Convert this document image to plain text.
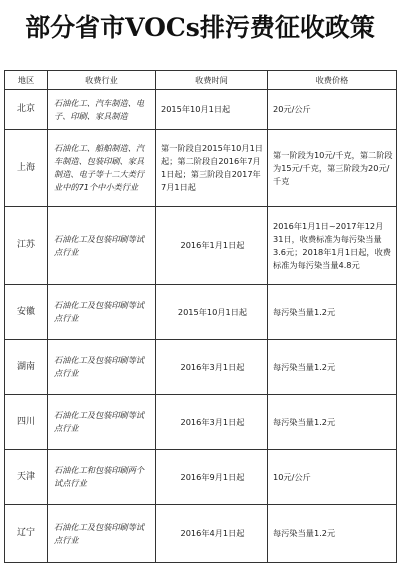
部分省市VOCs排污费征收政策
地区	收费行业	收费时间	收费价格
北京	石油化工、汽车制造、电子、印刷、家具制造	2015年10月1日起	20元/公斤
上海	石油化工、船舶制造、汽车制造、包装印刷、家具制造、电子等十二大类行业中的71个中小类行业	第一阶段自2015年10月1日起；第二阶段自2016年7月1日起；第三阶段自2017年7月1日起	第一阶段为10元/千克，第二阶段为15元/千克，第三阶段为20元/千克
江苏	石油化工及包装印刷等试点行业	2016年1月1日起	2016年1月1日~2017年12月31日，收费标准为每污染当量3.6元；2018年1月1日起，收费标准为每污染当量4.8元
安徽	石油化工及包装印刷等试点行业	2015年10月1日起	每污染当量1.2元
湖南	石油化工及包装印刷等试点行业	2016年3月1日起	每污染当量1.2元
四川	石油化工及包装印刷等试点行业	2016年3月1日起	每污染当量1.2元
天津	石油化工和包装印刷两个试点行业	2016年9月1日起	10元/公斤
辽宁	石油化工及包装印刷等试点行业	2016年4月1日起	每污染当量1.2元
